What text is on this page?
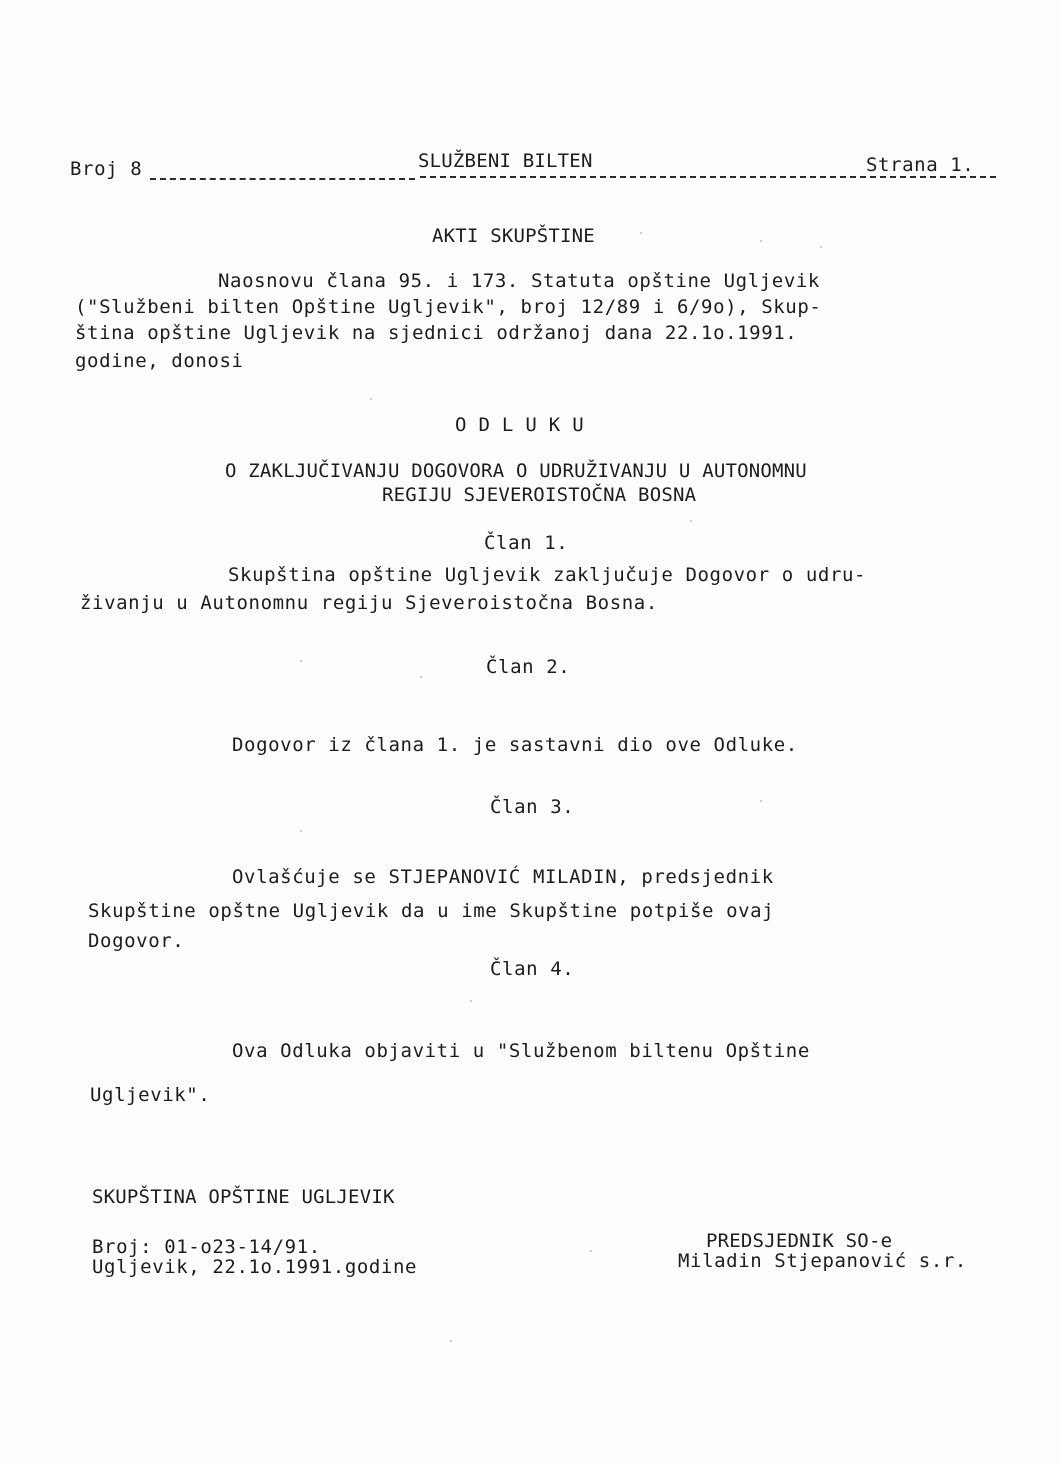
Broj 8	SLUŽBENI BILTEN	Strana 1.
AKTI SKUPŠTINE
Naosnovu člana 95. i 173. Statuta opštine Ugljevik
("Službeni bilten Opštine Ugljevik", broj 12/89 i 6/9o), Skup-
ština opštine Ugljevik na sjednici održanoj dana 22.1o.1991.
godine, donosi
ODLUKU
O ZAKLJUČIVANJU DOGOVORA O UDRUŽIVANJU U AUTONOMNU
REGIJU SJEVEROISTOČNA BOSNA
Član 1.
Skupština opštine Ugljevik zaključuje Dogovor o udru-
živanju u Autonomnu regiju Sjeveroistočna Bosna.
Član 2.
Dogovor iz člana 1. je sastavni dio ove Odluke.
Član 3.
Ovlašćuje se STJEPANOVIĆ MILADIN, predsjednik
Skupštine opštne Ugljevik da u ime Skupštine potpiše ovaj
Dogovor.
Član 4.
Ova Odluka objaviti u "Službenom biltenu Opštine
Ugljevik".
SKUPŠTINA OPŠTINE UGLJEVIK
Broj: 01-o23-14/91.
Ugljevik, 22.1o.1991.godine
PREDSJEDNIK SO-e
Miladin Stjepanović s.r.
